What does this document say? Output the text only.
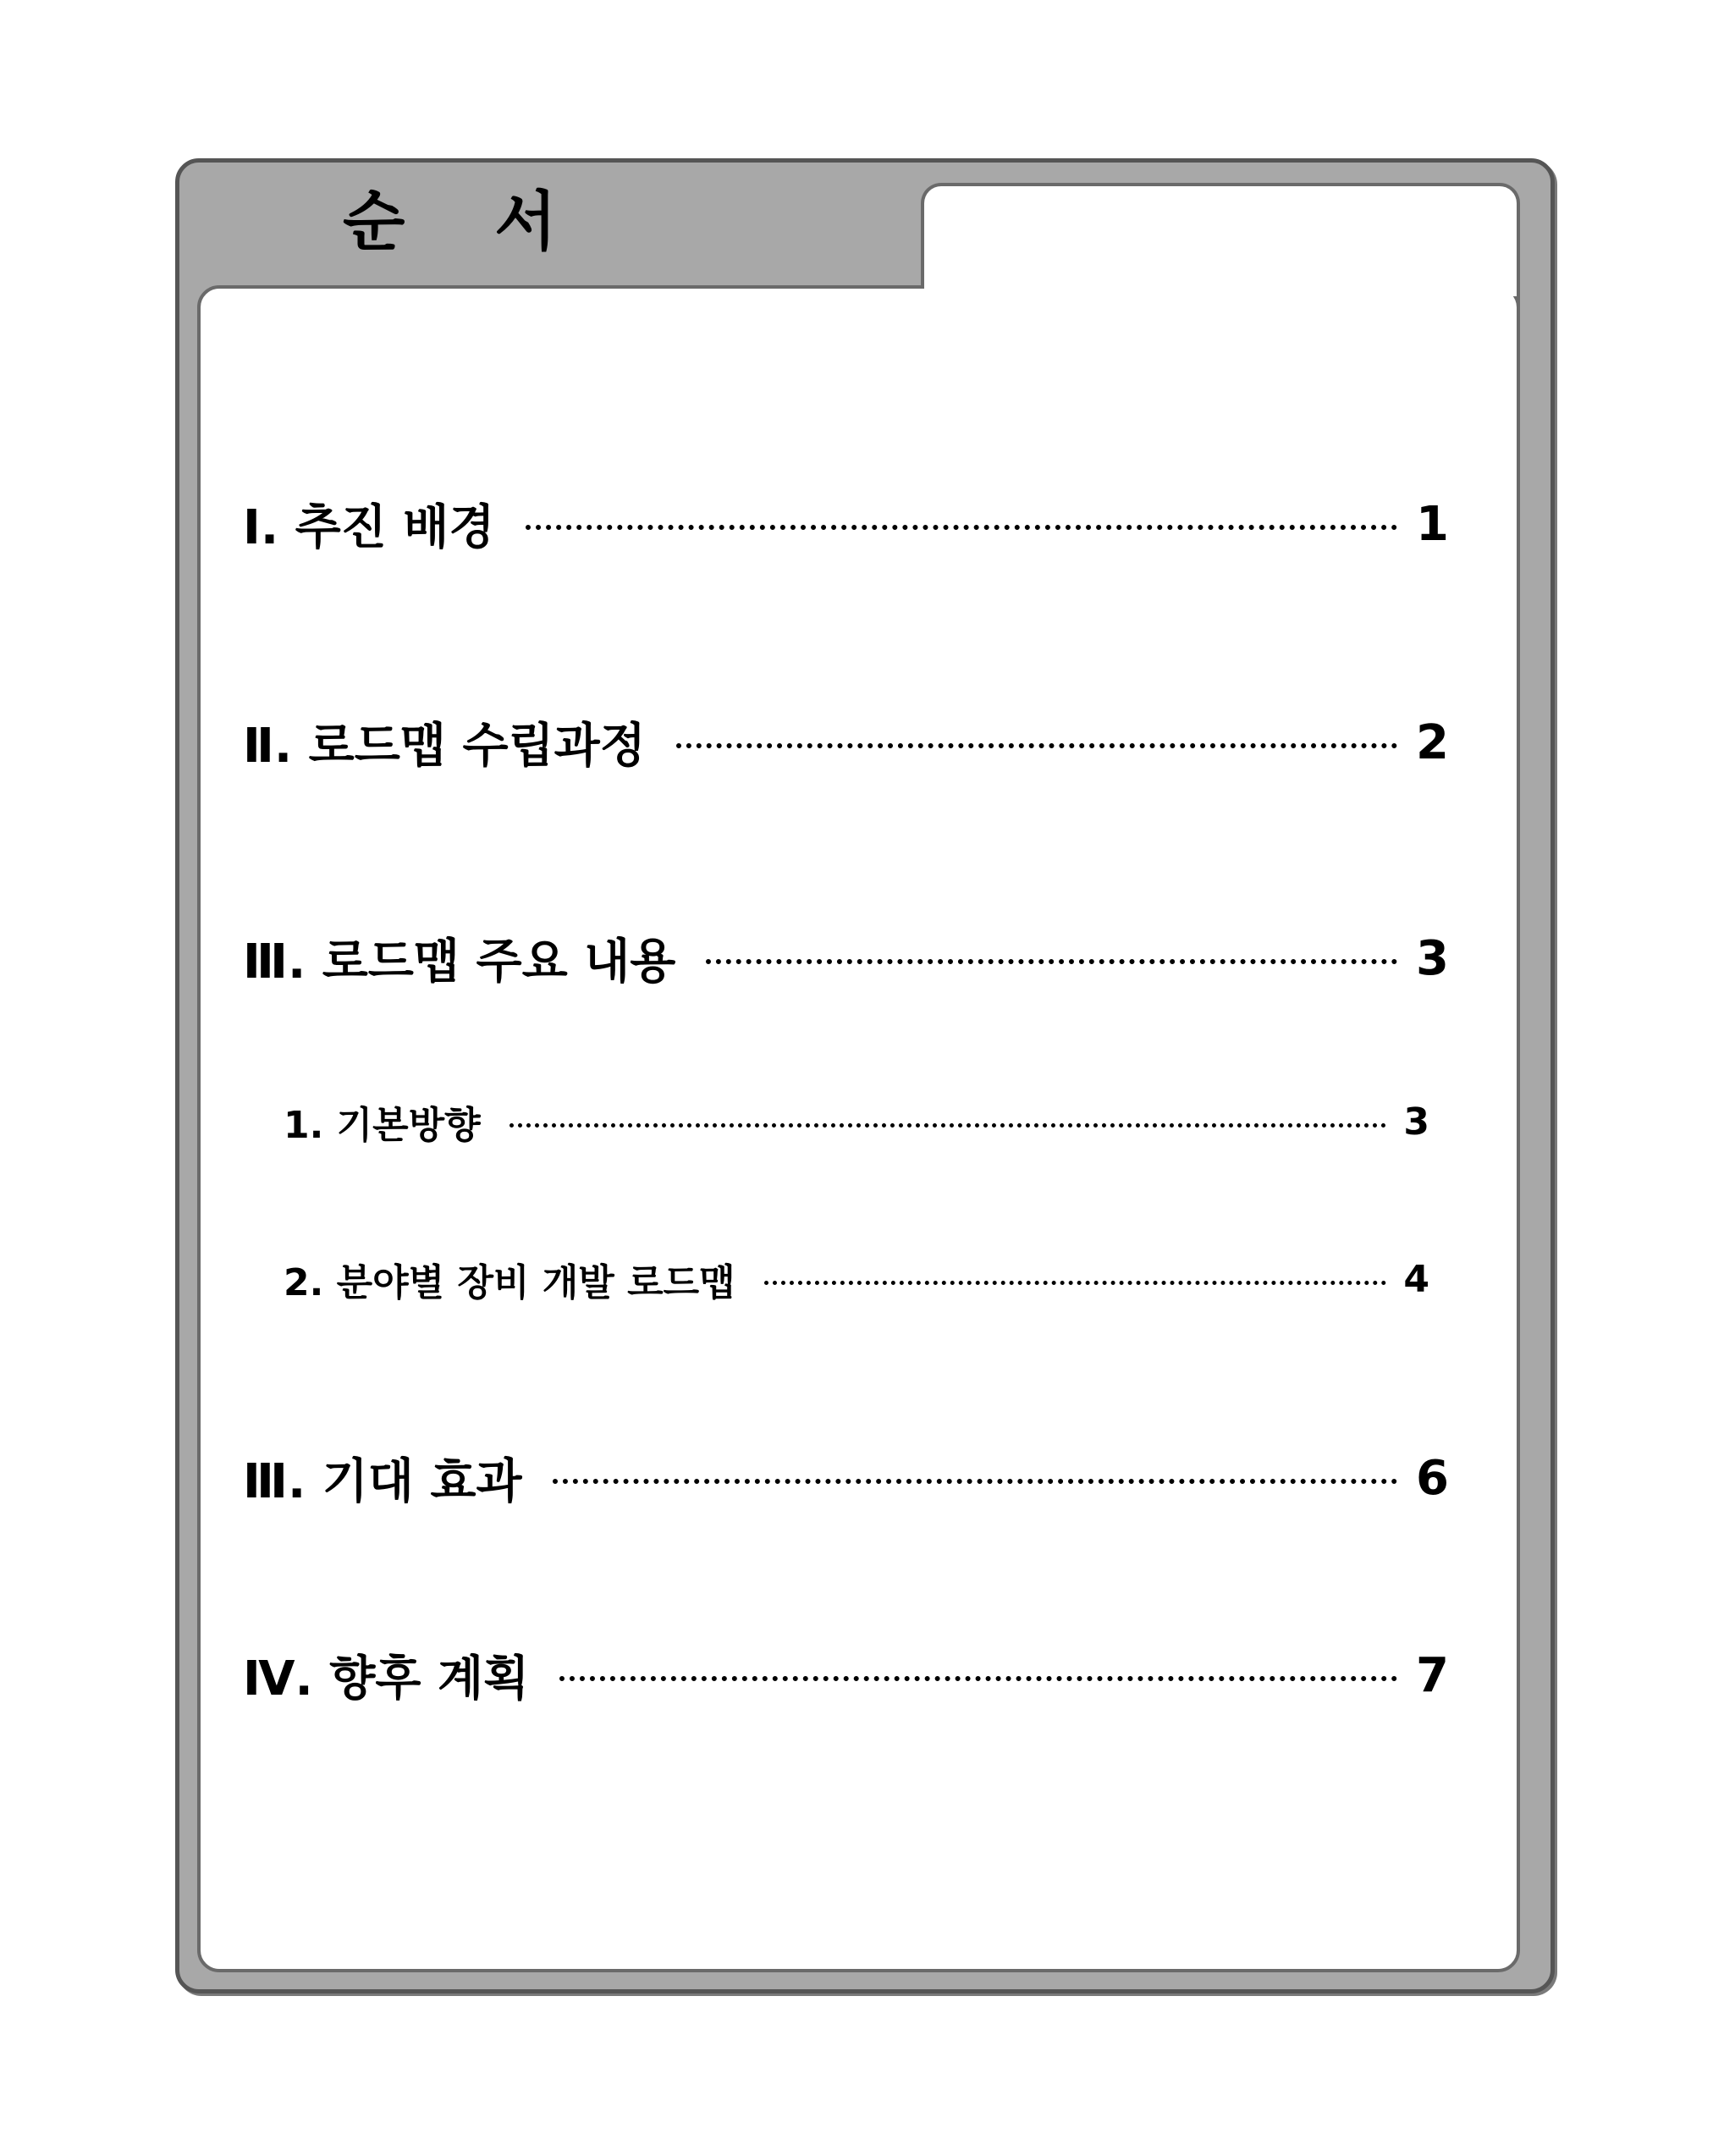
순    서
Ⅰ. 추진 배경	1
Ⅱ. 로드맵 수립과정	2
Ⅲ. 로드맵 주요 내용	3
1. 기본방향	3
2. 분야별 장비 개발 로드맵	4
Ⅲ. 기대 효과	6
Ⅳ. 향후 계획	7
